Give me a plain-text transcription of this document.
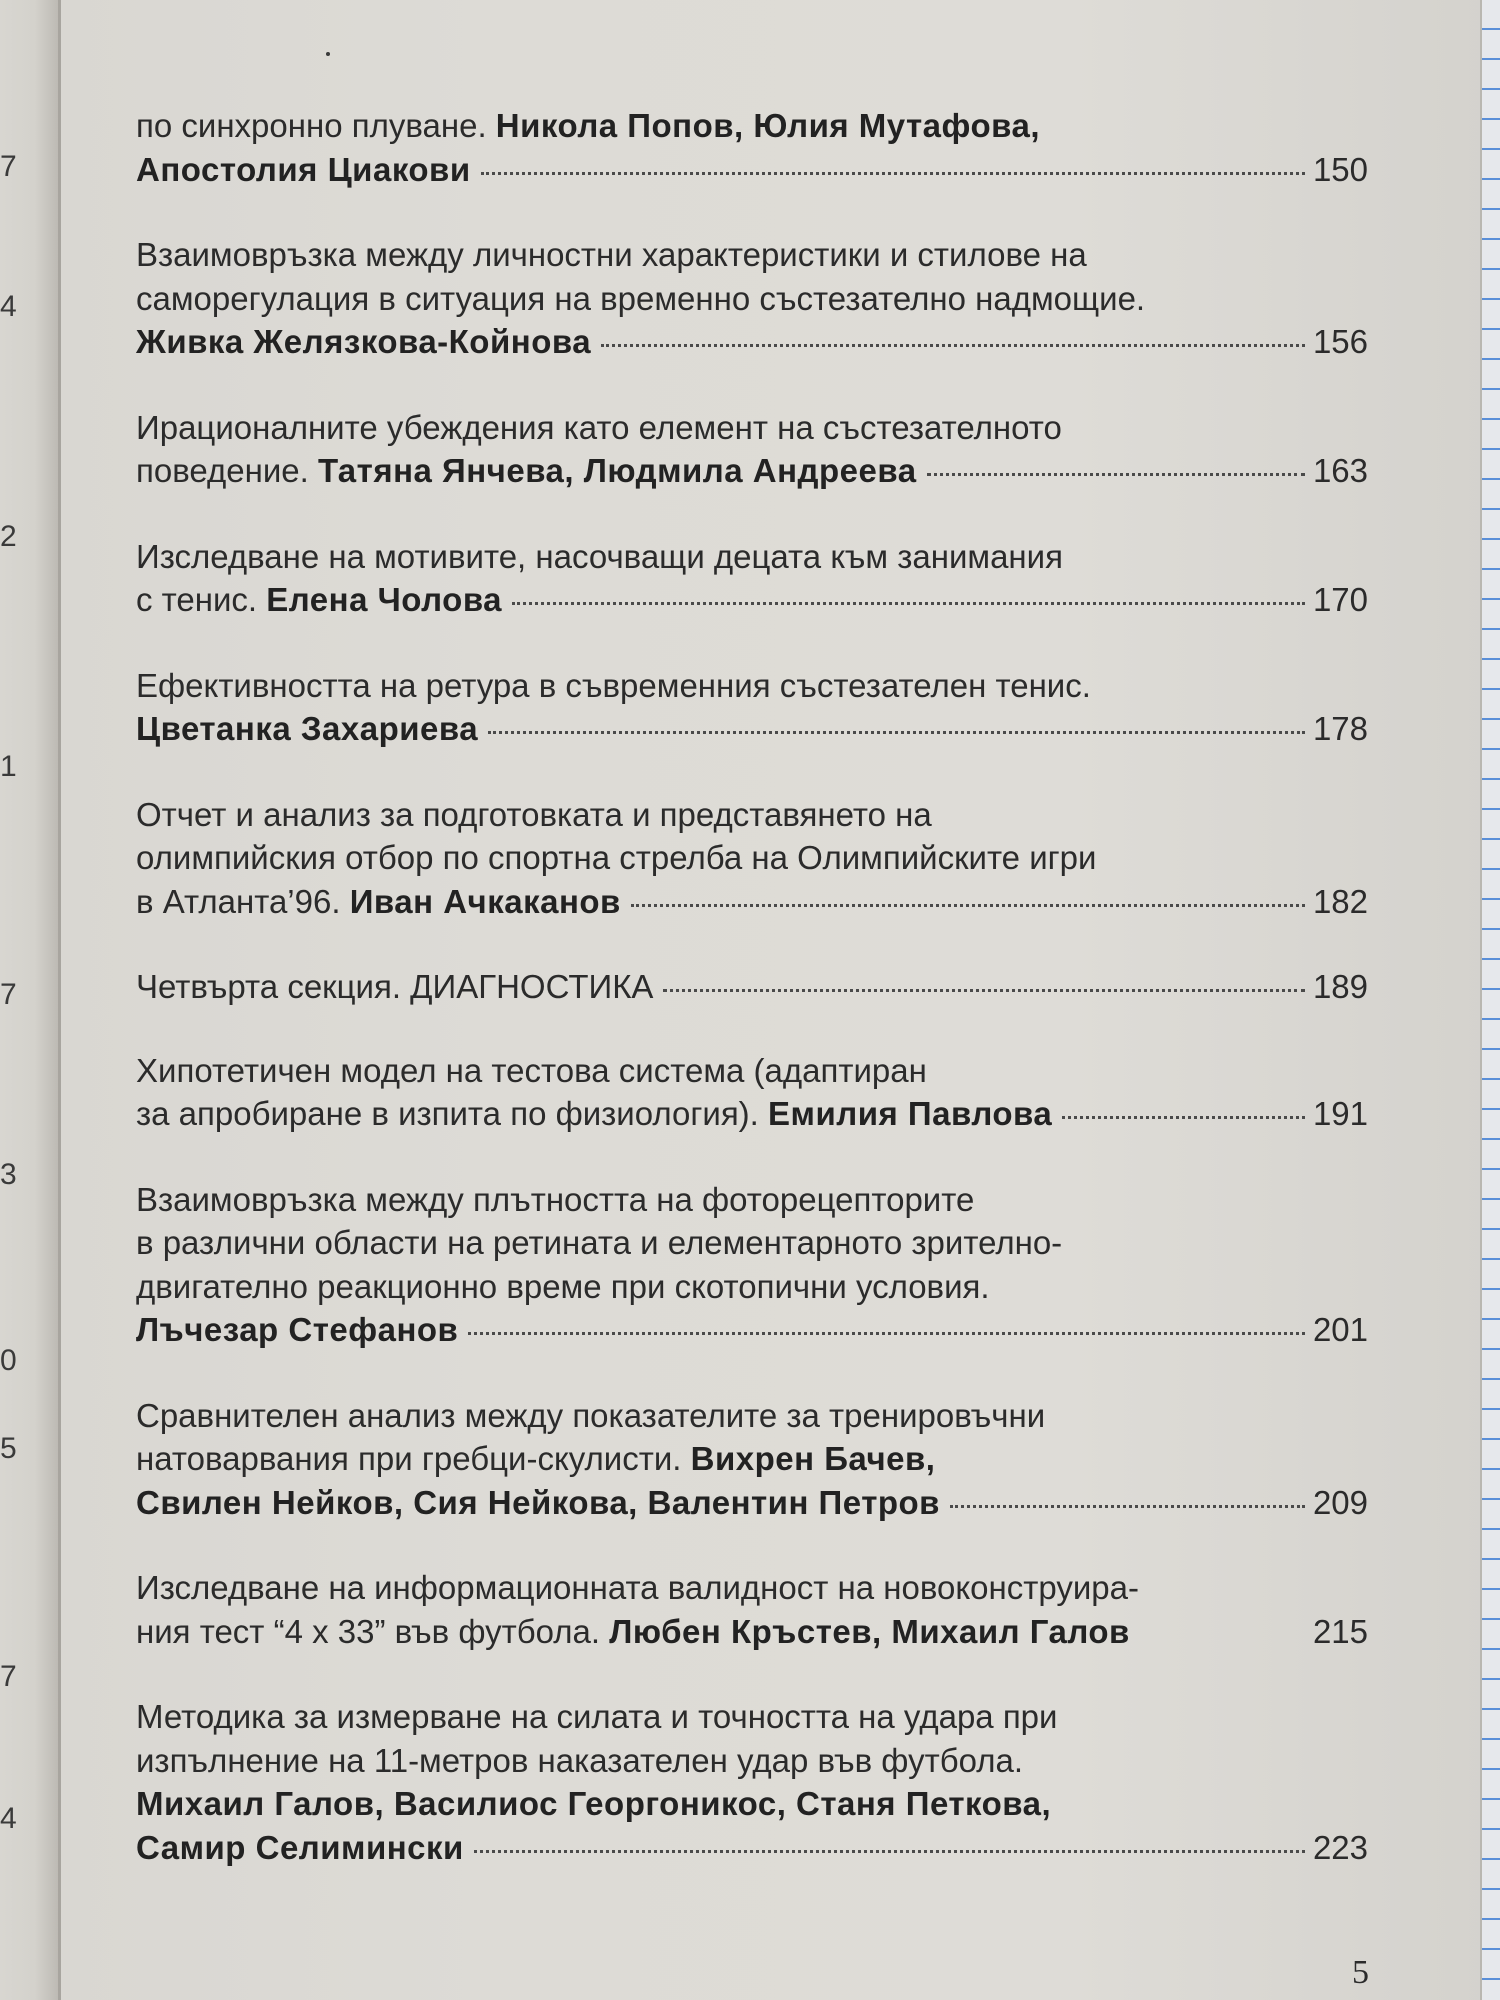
7
4
2
1
7
3
0
5
7
4
по синхронно плуване. Никола Попов, Юлия Мутафова,
Апостолия Циакови	150
Взаимовръзка между личностни характеристики и стилове на
саморегулация в ситуация на временно състезателно надмощие.
Живка Желязкова-Койнова	156
Ирационалните убеждения като елемент на състезателното
поведение. Татяна Янчева, Людмила Андреева	163
Изследване на мотивите, насочващи децата към занимания
с тенис. Елена Чолова	170
Ефективността на ретура в съвременния състезателен тенис.
Цветанка Захариева	178
Отчет и анализ за подготовката и представянето на
олимпийския отбор по спортна стрелба на Олимпийските игри
в Атланта’96. Иван Ачкаканов	182
Четвърта секция. ДИАГНОСТИКА	189
Хипотетичен модел на тестова система (адаптиран
за апробиране в изпита по физиология). Емилия Павлова	191
Взаимовръзка между плътността на фоторецепторите
в различни области на ретината и елементарното зрително-
двигателно реакционно време при скотопични условия.
Лъчезар Стефанов	201
Сравнителен анализ между показателите за тренировъчни
натоварвания при гребци-скулисти. Вихрен Бачев,
Свилен Нейков, Сия Нейкова, Валентин Петров	209
Изследване на информационната валидност на новоконструира-
ния тест “4 x 33” във футбола. Любен Кръстев, Михаил Галов	215
Методика за измерване на силата и точността на удара при
изпълнение на 11-метров наказателен удар във футбола.
Михаил Галов, Василиос Георгоникос, Станя Петкова,
Самир Селимински	223
5
